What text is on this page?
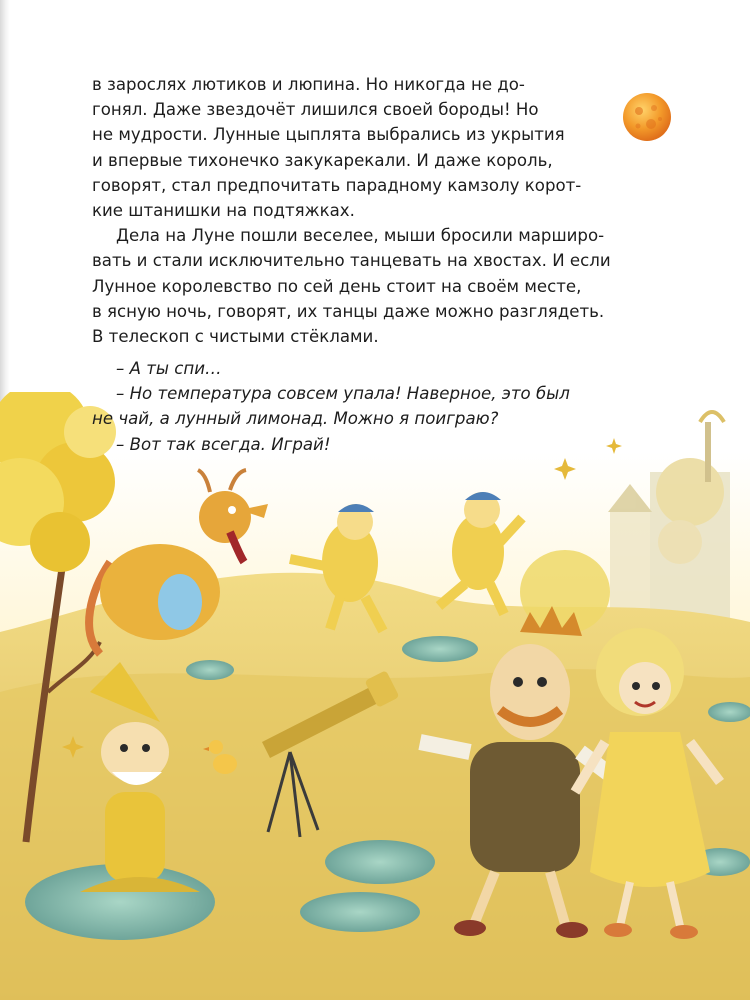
в зарослях лютиков и люпина. Но никогда не до-
гонял. Даже звездочёт лишился своей бороды! Но
не мудрости. Лунные цыплята выбрались из укрытия
и впервые тихонечко закукарекали. И даже король,
говорят, стал предпочитать парадному камзолу корот-
кие штанишки на подтяжках.

Дела на Луне пошли веселее, мыши бросили марширо-
вать и стали исключительно танцевать на хвостах. И если
Лунное королевство по сей день стоит на своём месте,
в ясную ночь, говорят, их танцы даже можно разглядеть.
В телескоп с чистыми стёклами.

– А ты спи…

– Но температура совсем упала! Наверное, это был

не чай, а лунный лимонад. Можно я поиграю?

– Вот так всегда. Играй!
